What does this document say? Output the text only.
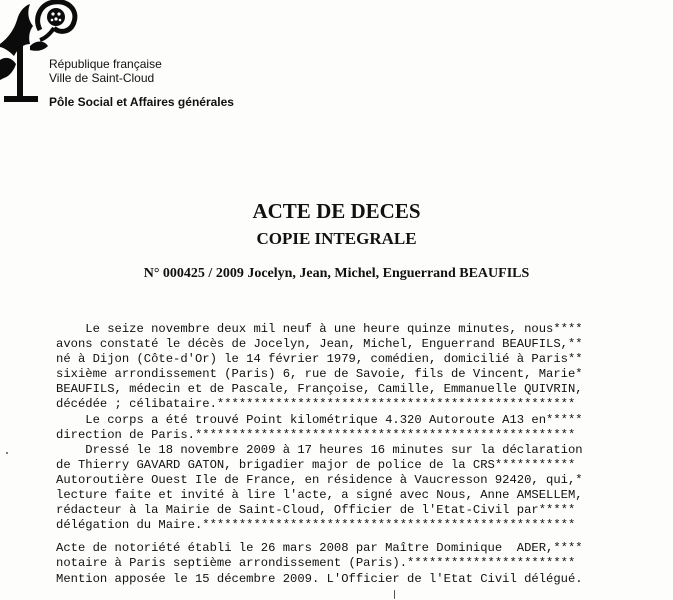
République française
Ville de Saint-Cloud
Pôle Social et Affaires générales
ACTE DE DECES
COPIE INTEGRALE
N° 000425 / 2009 Jocelyn, Jean, Michel, Enguerrand BEAUFILS
Le seize novembre deux mil neuf à une heure quinze minutes, nous****
avons constaté le décès de Jocelyn, Jean, Michel, Enguerrand BEAUFILS,**
né à Dijon (Côte-d'Or) le 14 février 1979, comédien, domicilié à Paris**
sixième arrondissement (Paris) 6, rue de Savoie, fils de Vincent, Marie*
BEAUFILS, médecin et de Pascale, Françoise, Camille, Emmanuelle QUIVRIN,
décédée ; célibataire.*************************************************
Le corps a été trouvé Point kilométrique 4.320 Autoroute A13 en*****
direction de Paris.****************************************************
Dressé le 18 novembre 2009 à 17 heures 16 minutes sur la déclaration
de Thierry GAVARD GATON, brigadier major de police de la CRS***********
Autoroutière Ouest Ile de France, en résidence à Vaucresson 92420, qui,*
lecture faite et invité à lire l'acte, a signé avec Nous, Anne AMSELLEM,
rédacteur à la Mairie de Saint-Cloud, Officier de l'Etat-Civil par*****
délégation du Maire.***************************************************
Acte de notoriété établi le 26 mars 2008 par Maître Dominique  ADER,****
notaire à Paris septième arrondissement (Paris).***********************
Mention apposée le 15 décembre 2009. L'Officier de l'Etat Civil délégué.
